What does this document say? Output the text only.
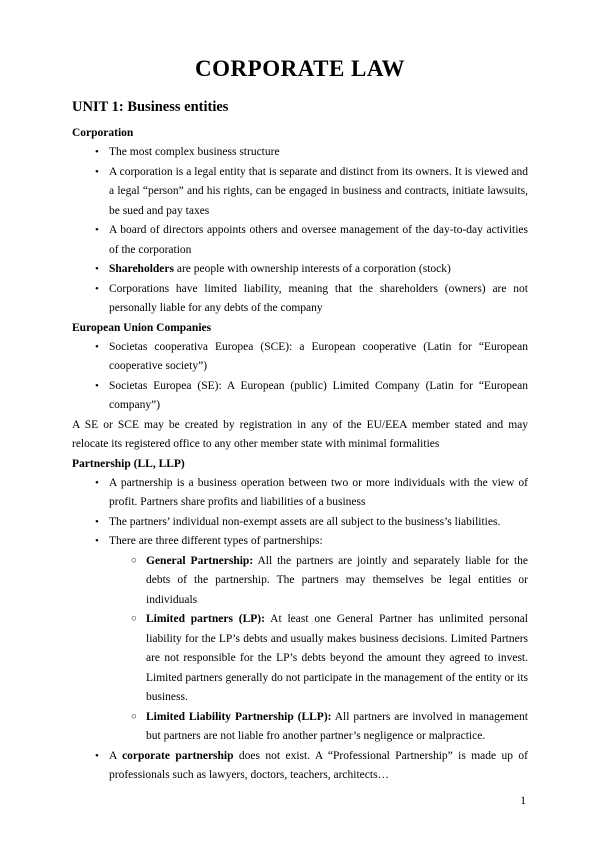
CORPORATE LAW
UNIT 1: Business entities
Corporation
• The most complex business structure
• A corporation is a legal entity that is separate and distinct from its owners. It is viewed and a legal “person” and his rights, can be engaged in business and contracts, initiate lawsuits, be sued and pay taxes
• A board of directors appoints others and oversee management of the day-to-day activities of the corporation
• Shareholders are people with ownership interests of a corporation (stock)
• Corporations have limited liability, meaning that the shareholders (owners) are not personally liable for any debts of the company
European Union Companies
• Societas cooperativa Europea (SCE): a European cooperative (Latin for “European cooperative society”)
• Societas Europea (SE): A European (public) Limited Company (Latin for “European company”)
A SE or SCE may be created by registration in any of the EU/EEA member stated and may relocate its registered office to any other member state with minimal formalities
Partnership (LL, LLP)
• A partnership is a business operation between two or more individuals with the view of profit. Partners share profits and liabilities of a business
• The partners’ individual non-exempt assets are all subject to the business’s liabilities.
• There are three different types of partnerships:
○ General Partnership: All the partners are jointly and separately liable for the debts of the partnership. The partners may themselves be legal entities or individuals
○ Limited partners (LP): At least one General Partner has unlimited personal liability for the LP’s debts and usually makes business decisions. Limited Partners are not responsible for the LP’s debts beyond the amount they agreed to invest. Limited partners generally do not participate in the management of the entity or its business.
○ Limited Liability Partnership (LLP): All partners are involved in management but partners are not liable fro another partner’s negligence or malpractice.
• A corporate partnership does not exist. A “Professional Partnership” is made up of professionals such as lawyers, doctors, teachers, architects…
1
